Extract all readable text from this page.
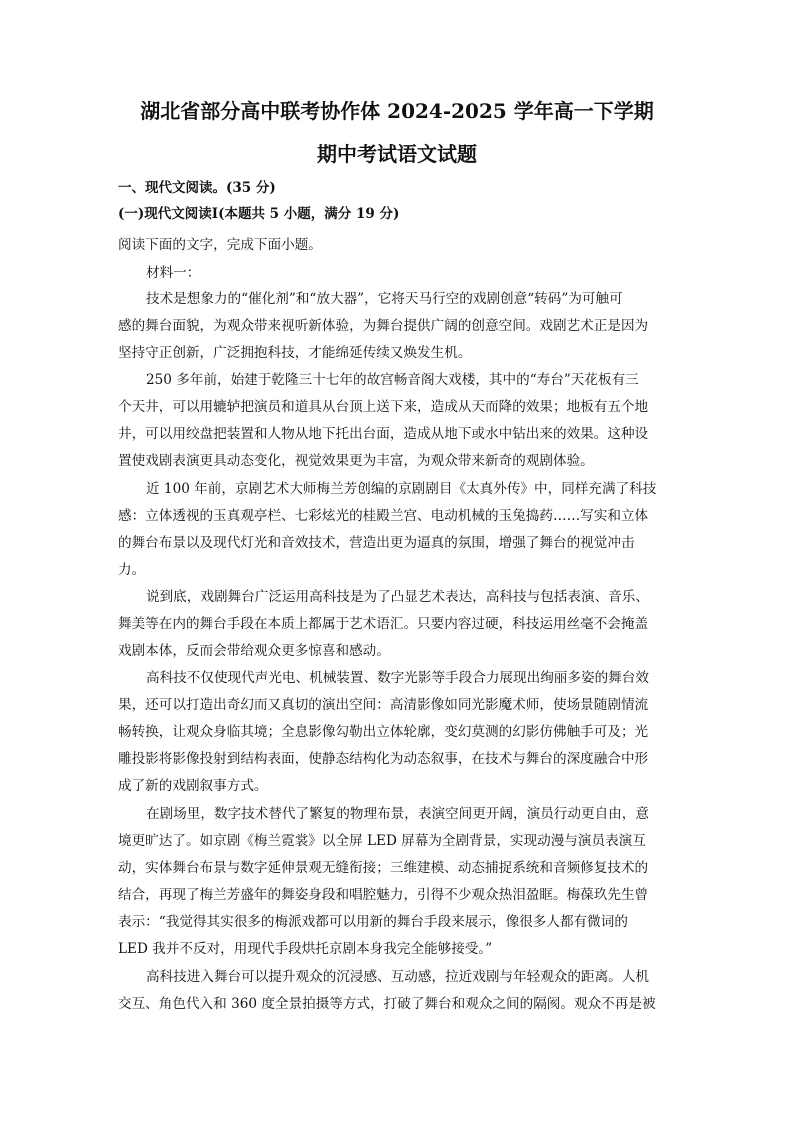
湖北省部分高中联考协作体 2024-2025 学年高一下学期
期中考试语文试题
一、现代文阅读。(35 分)
(一)现代文阅读Ⅰ(本题共 5 小题，满分 19 分)
阅读下面的文字，完成下面小题。
材料一：
技术是想象力的“催化剂”和“放大器”，它将天马行空的戏剧创意“转码”为可触可
感的舞台面貌，为观众带来视听新体验，为舞台提供广阔的创意空间。戏剧艺术正是因为
坚持守正创新，广泛拥抱科技，才能绵延传续又焕发生机。
250 多年前，始建于乾隆三十七年的故宫畅音阁大戏楼，其中的“寿台”天花板有三
个天井，可以用辘轳把演员和道具从台顶上送下来，造成从天而降的效果；地板有五个地
井，可以用绞盘把装置和人物从地下托出台面，造成从地下或水中钻出来的效果。这种设
置使戏剧表演更具动态变化，视觉效果更为丰富，为观众带来新奇的观剧体验。
近 100 年前，京剧艺术大师梅兰芳创编的京剧剧目《太真外传》中，同样充满了科技
感：立体透视的玉真观亭栏、七彩炫光的桂殿兰宫、电动机械的玉兔捣药……写实和立体
的舞台布景以及现代灯光和音效技术，营造出更为逼真的氛围，增强了舞台的视觉冲击
力。
说到底，戏剧舞台广泛运用高科技是为了凸显艺术表达，高科技与包括表演、音乐、
舞美等在内的舞台手段在本质上都属于艺术语汇。只要内容过硬，科技运用丝毫不会掩盖
戏剧本体，反而会带给观众更多惊喜和感动。
高科技不仅使现代声光电、机械装置、数字光影等手段合力展现出绚丽多姿的舞台效
果，还可以打造出奇幻而又真切的演出空间：高清影像如同光影魔术师，使场景随剧情流
畅转换，让观众身临其境；全息影像勾勒出立体轮廓，变幻莫测的幻影仿佛触手可及；光
雕投影将影像投射到结构表面，使静态结构化为动态叙事，在技术与舞台的深度融合中形
成了新的戏剧叙事方式。
在剧场里，数字技术替代了繁复的物理布景，表演空间更开阔，演员行动更自由，意
境更旷达了。如京剧《梅兰霓裳》以全屏 LED 屏幕为全剧背景，实现动漫与演员表演互
动，实体舞台布景与数字延伸景观无缝衔接；三维建模、动态捕捉系统和音频修复技术的
结合，再现了梅兰芳盛年的舞姿身段和唱腔魅力，引得不少观众热泪盈眶。梅葆玖先生曾
表示：“我觉得其实很多的梅派戏都可以用新的舞台手段来展示，像很多人都有微词的
LED 我并不反对，用现代手段烘托京剧本身我完全能够接受。”
高科技进入舞台可以提升观众的沉浸感、互动感，拉近戏剧与年轻观众的距离。人机
交互、角色代入和 360 度全景拍摄等方式，打破了舞台和观众之间的隔阂。观众不再是被
